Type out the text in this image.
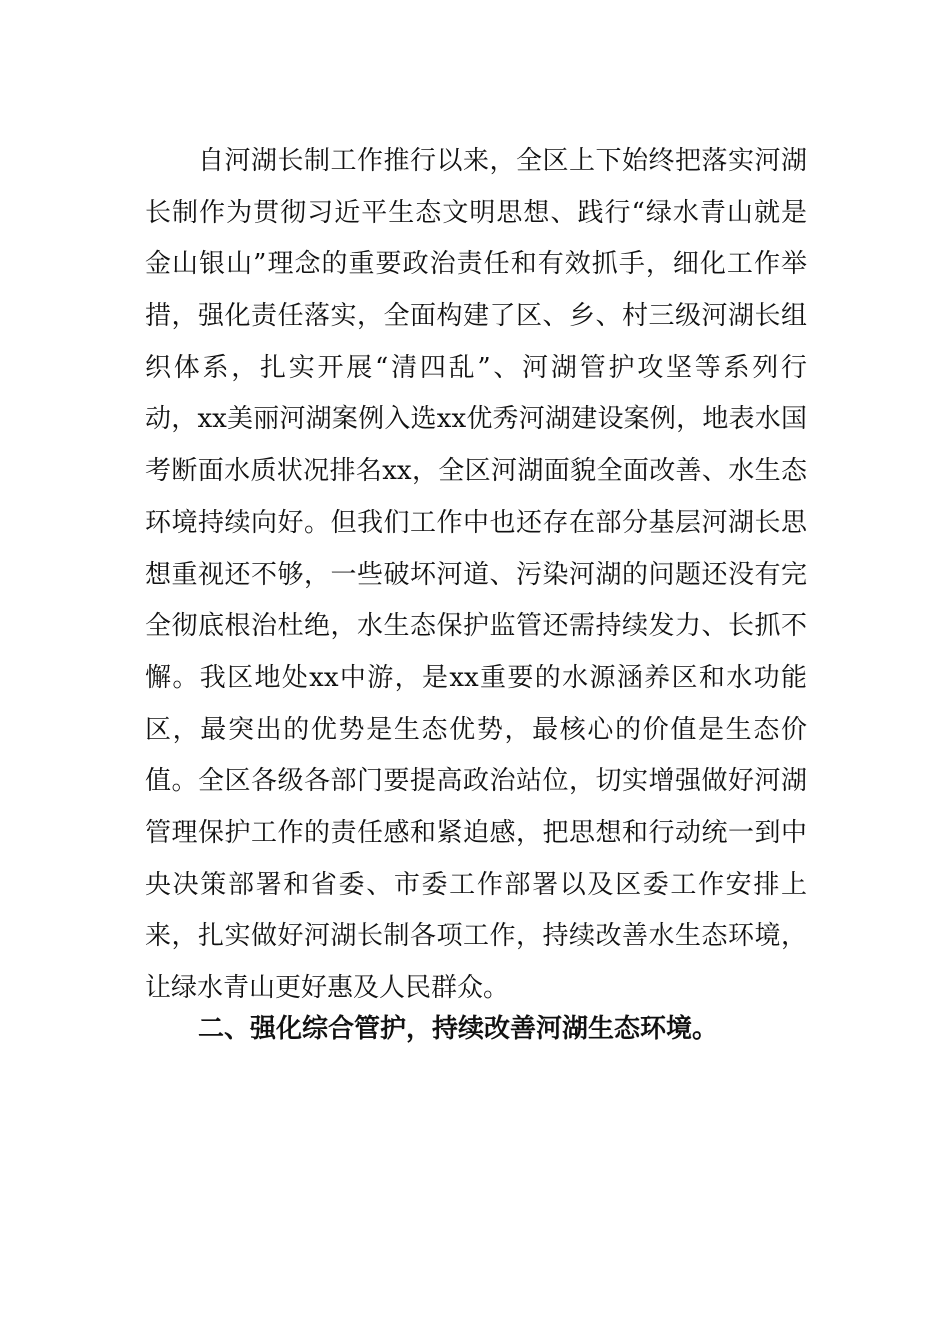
　　自河湖长制工作推行以来，全区上下始终把落实河湖
长制作为贯彻习近平生态文明思想、践行“绿水青山就是
金山银山”理念的重要政治责任和有效抓手，细化工作举
措，强化责任落实，全面构建了区、乡、村三级河湖长组
织体系，扎实开展“清四乱”、河湖管护攻坚等系列行
动，xx美丽河湖案例入选xx优秀河湖建设案例，地表水国
考断面水质状况排名xx，全区河湖面貌全面改善、水生态
环境持续向好。但我们工作中也还存在部分基层河湖长思
想重视还不够，一些破坏河道、污染河湖的问题还没有完
全彻底根治杜绝，水生态保护监管还需持续发力、长抓不
懈。我区地处xx中游，是xx重要的水源涵养区和水功能
区，最突出的优势是生态优势，最核心的价值是生态价
值。全区各级各部门要提高政治站位，切实增强做好河湖
管理保护工作的责任感和紧迫感，把思想和行动统一到中
央决策部署和省委、市委工作部署以及区委工作安排上
来，扎实做好河湖长制各项工作，持续改善水生态环境，
让绿水青山更好惠及人民群众。
二、强化综合管护，持续改善河湖生态环境。
